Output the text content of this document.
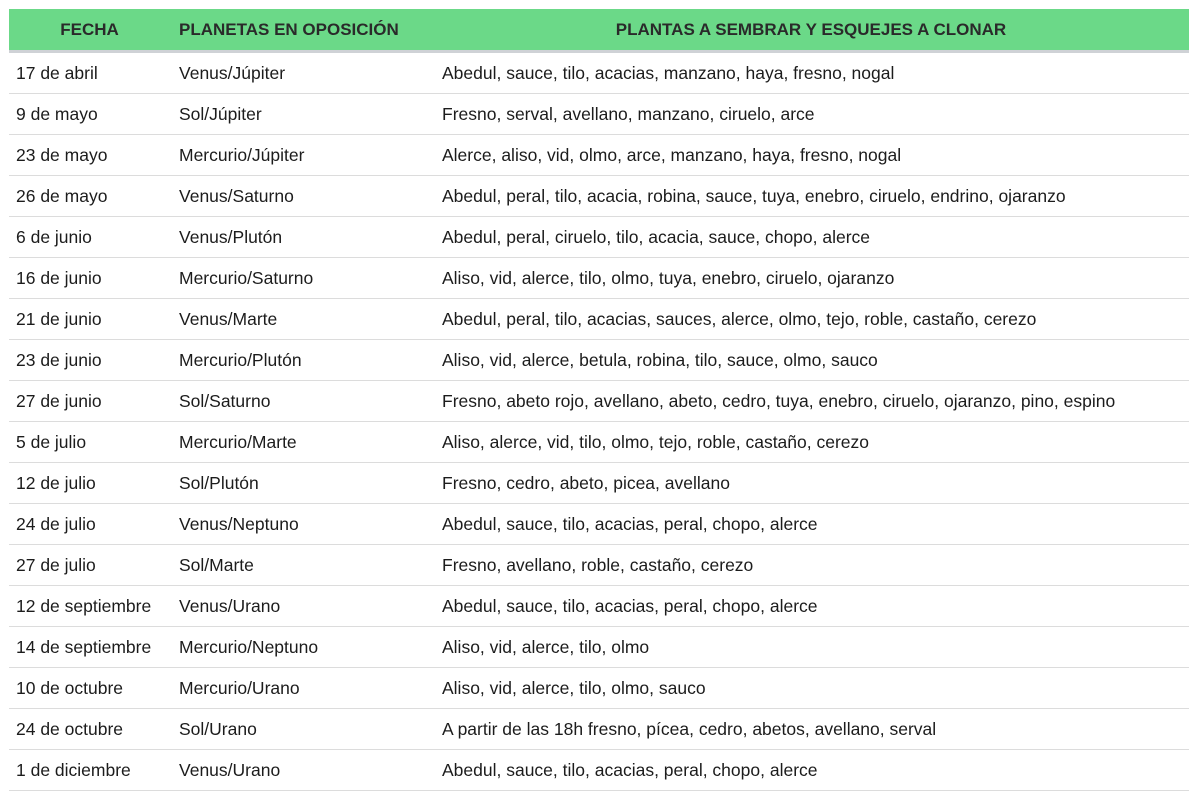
FECHA	PLANETAS EN OPOSICIÓN	PLANTAS A SEMBRAR Y ESQUEJES A CLONAR
17 de abril	Venus/Júpiter	Abedul, sauce, tilo, acacias, manzano, haya, fresno, nogal
9 de mayo	Sol/Júpiter	Fresno, serval, avellano, manzano, ciruelo, arce
23 de mayo	Mercurio/Júpiter	Alerce, aliso, vid, olmo, arce, manzano, haya, fresno, nogal
26 de mayo	Venus/Saturno	Abedul, peral, tilo, acacia, robina, sauce, tuya, enebro, ciruelo, endrino, ojaranzo
6 de junio	Venus/Plutón	Abedul, peral, ciruelo, tilo, acacia, sauce, chopo, alerce
16 de junio	Mercurio/Saturno	Aliso, vid, alerce, tilo, olmo, tuya, enebro, ciruelo, ojaranzo
21 de junio	Venus/Marte	Abedul, peral, tilo, acacias, sauces, alerce, olmo, tejo, roble, castaño, cerezo
23 de junio	Mercurio/Plutón	Aliso, vid, alerce, betula, robina, tilo, sauce, olmo, sauco
27 de junio	Sol/Saturno	Fresno, abeto rojo, avellano, abeto, cedro, tuya, enebro, ciruelo, ojaranzo, pino, espino
5 de julio	Mercurio/Marte	Aliso, alerce, vid, tilo, olmo, tejo, roble, castaño, cerezo
12 de julio	Sol/Plutón	Fresno, cedro, abeto, picea, avellano
24 de julio	Venus/Neptuno	Abedul, sauce, tilo, acacias, peral, chopo, alerce
27 de julio	Sol/Marte	Fresno, avellano, roble, castaño, cerezo
12 de septiembre	Venus/Urano	Abedul, sauce, tilo, acacias, peral, chopo, alerce
14 de septiembre	Mercurio/Neptuno	Aliso, vid, alerce, tilo, olmo
10 de octubre	Mercurio/Urano	Aliso, vid, alerce, tilo, olmo, sauco
24 de octubre	Sol/Urano	A partir de las 18h fresno, pícea, cedro, abetos, avellano, serval
1 de diciembre	Venus/Urano	Abedul, sauce, tilo, acacias, peral, chopo, alerce
